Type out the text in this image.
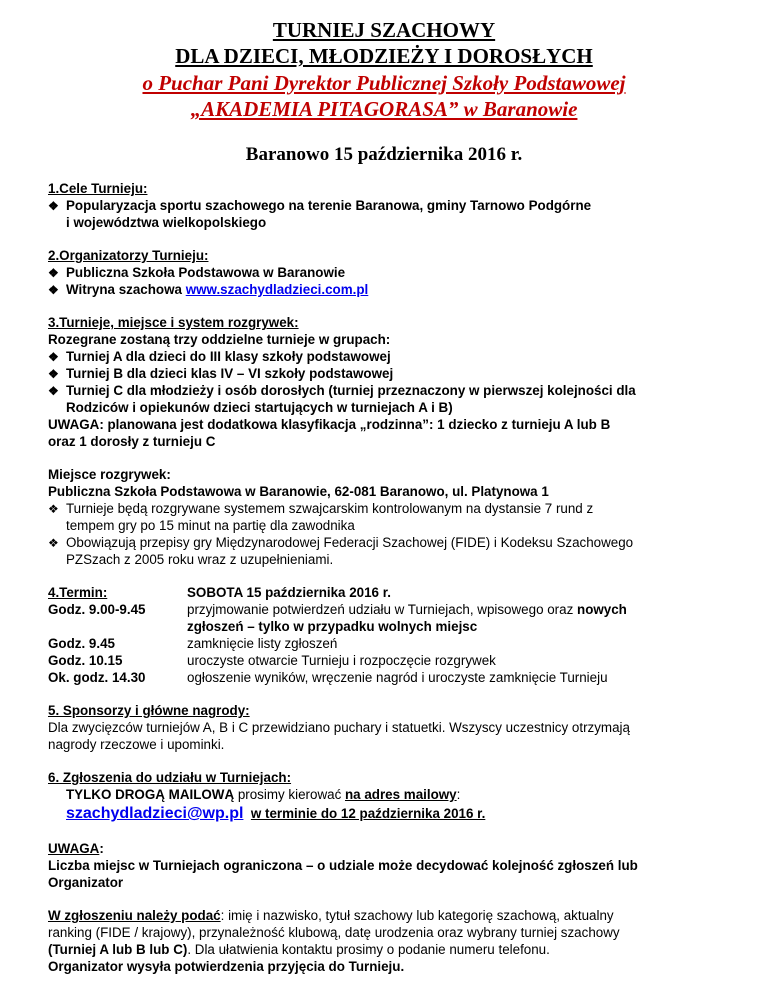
TURNIEJ SZACHOWY
DLA DZIECI, MŁODZIEŻY I DOROSŁYCH
o Puchar Pani Dyrektor Publicznej Szkoły Podstawowej
„AKADEMIA PITAGORASA” w Baranowie
Baranowo 15 października 2016 r.
1.Cele Turnieju:
❖ Popularyzacja sportu szachowego na terenie Baranowa, gminy Tarnowo Podgórne
i województwa wielkopolskiego
2.Organizatorzy Turnieju:
❖ Publiczna Szkoła Podstawowa w Baranowie
❖ Witryna szachowa www.szachydladzieci.com.pl
3.Turnieje, miejsce i system rozgrywek:
Rozegrane zostaną trzy oddzielne turnieje w grupach:
❖ Turniej A dla dzieci do III klasy szkoły podstawowej
❖ Turniej B dla dzieci klas IV – VI szkoły podstawowej
❖ Turniej C dla młodzieży i osób dorosłych (turniej przeznaczony w pierwszej kolejności dla
Rodziców i opiekunów dzieci startujących w turniejach A i B)
UWAGA: planowana jest dodatkowa klasyfikacja „rodzinna”: 1 dziecko z turnieju A lub B
oraz 1 dorosły z turnieju C
Miejsce rozgrywek:
Publiczna Szkoła Podstawowa w Baranowie, 62-081 Baranowo, ul. Platynowa 1
❖ Turnieje będą rozgrywane systemem szwajcarskim kontrolowanym na dystansie 7 rund z
tempem gry po 15 minut na partię dla zawodnika
❖ Obowiązują przepisy gry Międzynarodowej Federacji Szachowej (FIDE) i Kodeksu Szachowego
PZSzach z 2005 roku wraz z uzupełnieniami.
4.Termin:	SOBOTA 15 października 2016 r.
Godz. 9.00-9.45	przyjmowanie potwierdzeń udziału w Turniejach, wpisowego oraz nowych
zgłoszeń – tylko w przypadku wolnych miejsc
Godz. 9.45	zamknięcie listy zgłoszeń
Godz. 10.15	uroczyste otwarcie Turnieju i rozpoczęcie rozgrywek
Ok. godz. 14.30	ogłoszenie wyników, wręczenie nagród i uroczyste zamknięcie Turnieju
5. Sponsorzy i główne nagrody:
Dla zwycięzców turniejów A, B i C przewidziano puchary i statuetki. Wszyscy uczestnicy otrzymają
nagrody rzeczowe i upominki.
6. Zgłoszenia do udziału w Turniejach:
TYLKO DROGĄ MAILOWĄ prosimy kierować na adres mailowy:
szachydladzieci@wp.pl w terminie do 12 października 2016 r.
UWAGA:
Liczba miejsc w Turniejach ograniczona – o udziale może decydować kolejność zgłoszeń lub
Organizator
W zgłoszeniu należy podać: imię i nazwisko, tytuł szachowy lub kategorię szachową, aktualny
ranking (FIDE / krajowy), przynależność klubową, datę urodzenia oraz wybrany turniej szachowy
(Turniej A lub B lub C). Dla ułatwienia kontaktu prosimy o podanie numeru telefonu.
Organizator wysyła potwierdzenia przyjęcia do Turnieju.
